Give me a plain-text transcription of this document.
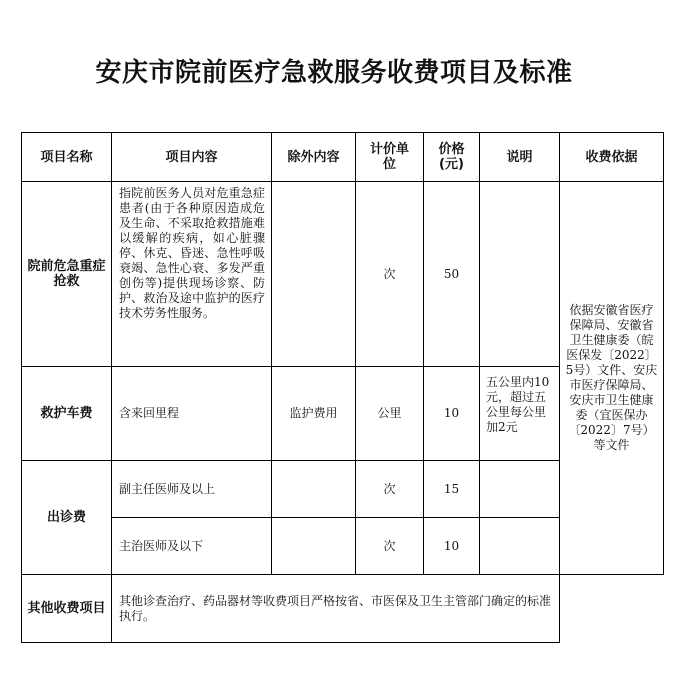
安庆市院前医疗急救服务收费项目及标准
项目名称	项目内容	除外内容	计价单位	价格(元)	说明	收费依据
院前危急重症抢救	指院前医务人员对危重急症患者(由于各种原因造成危及生命、不采取抢救措施难以缓解的疾病，如心脏骤停、休克、昏迷、急性呼吸衰竭、急性心衰、多发严重创伤等)提供现场诊察、防护、救治及途中监护的医疗技术劳务性服务。		次	50		依据安徽省医疗保障局、安徽省卫生健康委（皖医保发〔2022〕5号）文件、安庆市医疗保障局、安庆市卫生健康委（宜医保办〔2022〕7号）等文件
救护车费	含来回里程	监护费用	公里	10	五公里内10元，超过五公里每公里加2元	
出诊费	副主任医师及以上		次	15		
	主治医师及以下		次	10		
其他收费项目	其他诊查治疗、药品器材等收费项目严格按省、市医保及卫生主管部门确定的标准执行。					
